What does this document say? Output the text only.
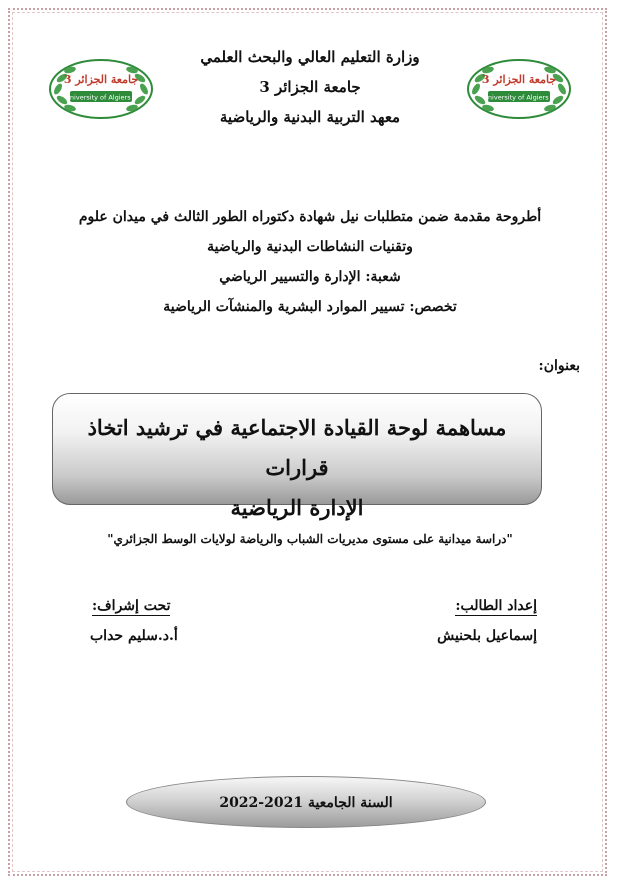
جامعة الجزائر 3
University of Algiers 3
جامعة الجزائر 3
University of Algiers 3
وزارة التعليم العالي والبحث العلمي
جامعة الجزائر 3
معهد التربية البدنية والرياضية
أطروحة مقدمة ضمن متطلبات نيل شهادة دكتوراه الطور الثالث في ميدان علوم
وتقنيات النشاطات البدنية والرياضية
شعبة: الإدارة والتسيير الرياضي
تخصص: تسيير الموارد البشرية والمنشآت الرياضية
بعنوان:
مساهمة لوحة القيادة الاجتماعية في ترشيد اتخاذ قرارات
الإدارة الرياضية
"دراسة ميدانية على مستوى مديريات الشباب والرياضة لولايات الوسط الجزائري"
إعداد الطالب:
تحت إشراف:
إسماعيل بلحنيش
أ.د.سليم حداب
السنة الجامعية 2021-2022
